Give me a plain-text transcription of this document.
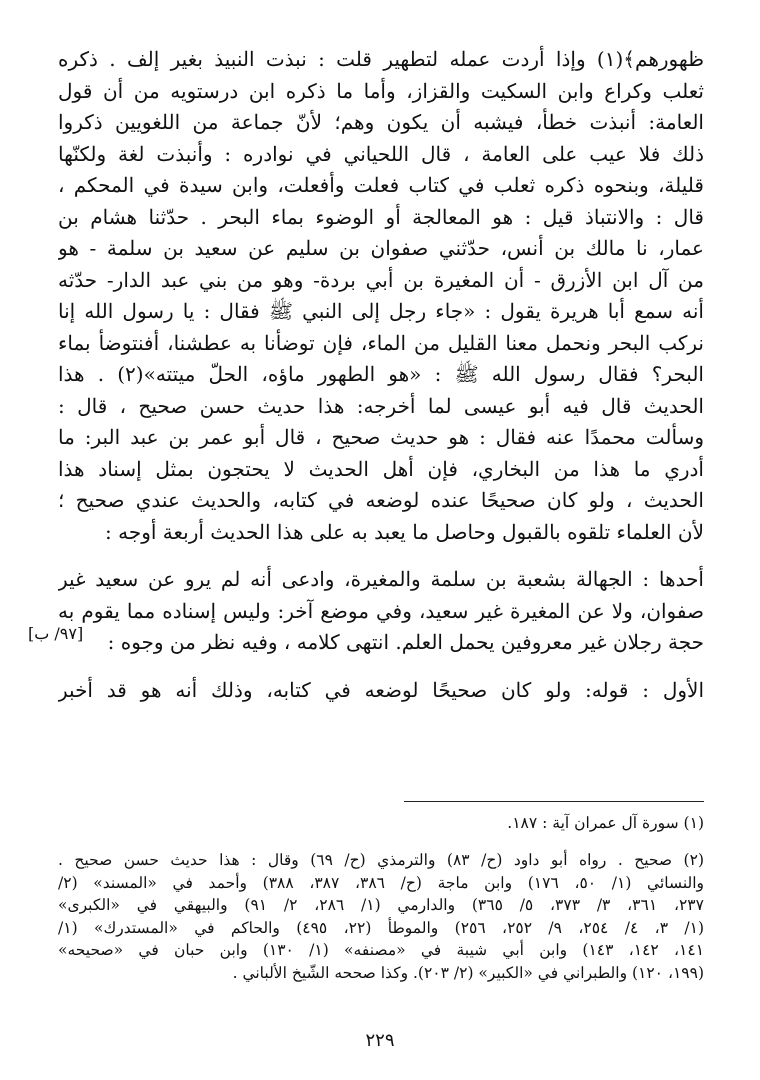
ظهورهم﴾(١) وإذا أردت عمله لتطهير قلت : نبذت النبيذ بغير إلف . ذكره
ثعلب وكراع وابن السكيت والقزاز، وأما ما ذكره ابن درستويه من أن قول
العامة: أنبذت خطأ، فيشبه أن يكون وهم؛ لأنّ جماعة من اللغويين ذكروا
ذلك فلا عيب على العامة ، قال اللحياني في نوادره : وأنبذت لغة ولكنّها
قليلة، وبنحوه ذكره ثعلب في كتاب فعلت وأفعلت، وابن سيدة في المحكم ،
قال : والانتباذ قيل : هو المعالجة أو الوضوء بماء البحر . حدّثنا هشام بن
عمار، نا مالك بن أنس، حدّثني صفوان بن سليم عن سعيد بن سلمة - هو
من آل ابن الأزرق - أن المغيرة بن أبي بردة- وهو من بني عبد الدار- حدّثه
أنه سمع أبا هريرة يقول : «جاء رجل إلى النبي ﷺ فقال : يا رسول الله إنا
نركب البحر ونحمل معنا القليل من الماء، فإن توضأنا به عطشنا، أفنتوضأ بماء
البحر؟ فقال رسول الله ﷺ : «هو الطهور ماؤه، الحلّ ميتته»(٢) . هذا
الحديث قال فيه أبو عيسى لما أخرجه: هذا حديث حسن صحيح ، قال :
وسألت محمدًا عنه فقال : هو حديث صحيح ، قال أبو عمر بن عبد البر: ما
أدري ما هذا من البخاري، فإن أهل الحديث لا يحتجون بمثل إسناد هذا
الحديث ، ولو كان صحيحًا عنده لوضعه في كتابه، والحديث عندي صحيح ؛
لأن العلماء تلقوه بالقبول وحاصل ما يعبد به على هذا الحديث أربعة أوجه :
أحدها : الجهالة بشعبة بن سلمة والمغيرة، وادعى أنه لم يرو عن سعيد غير
صفوان، ولا عن المغيرة غير سعيد، وفي موضع آخر: وليس إسناده مما يقوم به
حجة رجلان غير معروفين يحمل العلم. انتهى كلامه ، وفيه نظر من وجوه :
الأول : قوله: ولو كان صحيحًا لوضعه في كتابه، وذلك أنه هو قد أخبر
[٩٧/ ب]
(١) سورة آل عمران آية : ١٨٧.
(٢) صحيح . رواه أبو داود (ح/ ٨٣) والترمذي (ح/ ٦٩) وقال : هذا حديث حسن صحيح .
والنسائي (١/ ٥٠، ١٧٦) وابن ماجة (ح/ ٣٨٦، ٣٨٧، ٣٨٨) وأحمد في «المسند» (٢/
٢٣٧، ٣٦١، ٣/ ٣٧٣، ٥/ ٣٦٥) والدارمي (١/ ٢٨٦، ٢/ ٩١) والبيهقي في «الكبرى»
(١/ ٣، ٤/ ٢٥٤، ٩/ ٢٥٢، ٢٥٦) والموطأ (٢٢، ٤٩٥) والحاكم في «المستدرك» (١/
١٤١، ١٤٢، ١٤٣) وابن أبي شيبة في «مصنفه» (١/ ١٣٠) وابن حبان في «صحيحه»
(١٩٩، ١٢٠) والطبراني في «الكبير» (٢/ ٢٠٣). وكذا صححه الشّيخ الألباني .
٢٢٩
